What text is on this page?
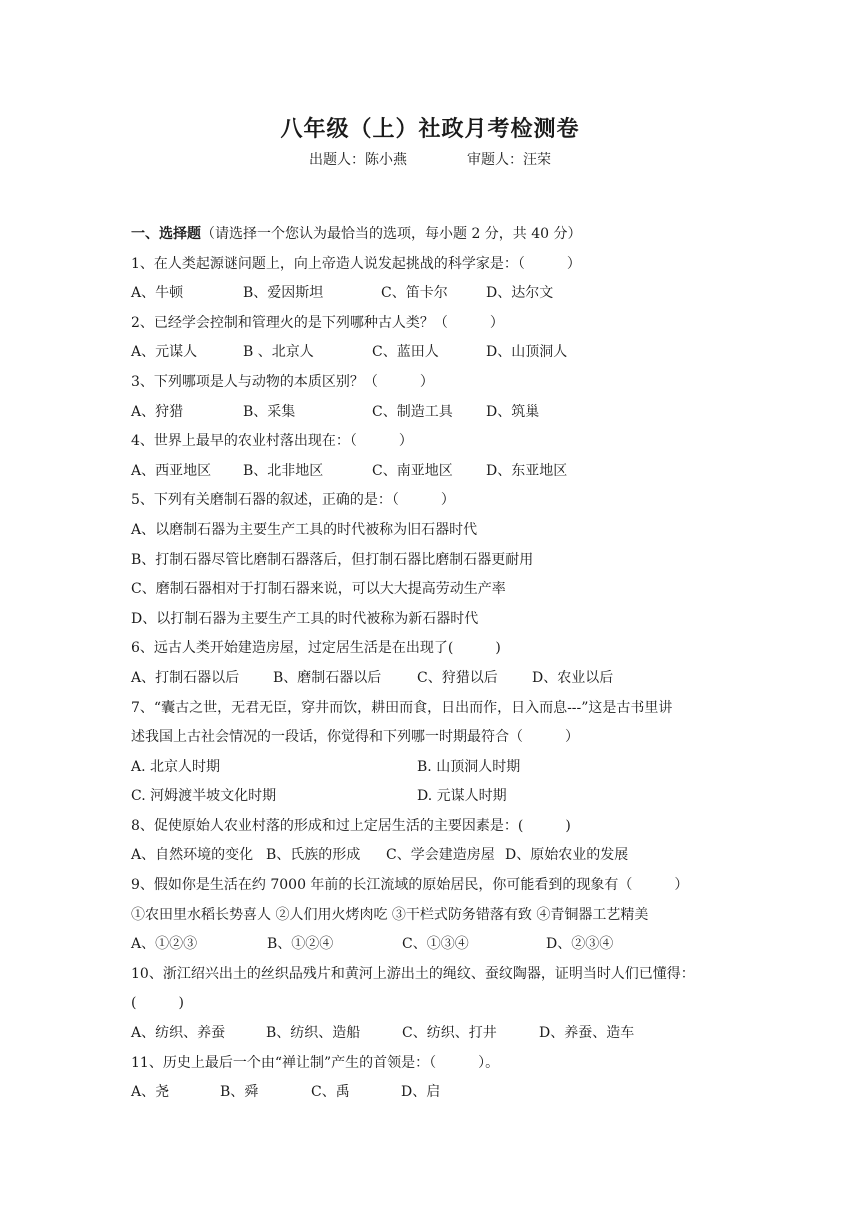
八年级（上）社政月考检测卷
出题人：陈小燕	审题人：汪荣
一、选择题（请选择一个您认为最恰当的选项，每小题 2 分，共 40 分）
1、在人类起源谜问题上，向上帝造人说发起挑战的科学家是：（　　　）
A、牛顿	B、爱因斯坦	C、笛卡尔	D、达尔文
2、已经学会控制和管理火的是下列哪种古人类？（　　　）
A、元谋人	B 、北京人	C、蓝田人	D、山顶洞人
3、下列哪项是人与动物的本质区别？（　　　）
A、狩猎	B、采集	C、制造工具 D、筑巢
4、世界上最早的农业村落出现在：（　　　）
A、西亚地区 B、北非地区	C、南亚地区 D、东亚地区
5、下列有关磨制石器的叙述，正确的是：（　　　）
A、以磨制石器为主要生产工具的时代被称为旧石器时代
B、打制石器尽管比磨制石器落后，但打制石器比磨制石器更耐用
C、磨制石器相对于打制石器来说，可以大大提高劳动生产率
D、以打制石器为主要生产工具的时代被称为新石器时代
6、远古人类开始建造房屋，过定居生活是在出现了(　　　)
A、打制石器以后 B、磨制石器以后	C、狩猎以后 D、农业以后
7、“囊古之世，无君无臣，穿井而饮，耕田而食，日出而作，日入而息---”这是古书里讲
述我国上古社会情况的一段话，你觉得和下列哪一时期最符合（　　　）
A. 北京人时期	B. 山顶洞人时期
C. 河姆渡半坡文化时期	D. 元谋人时期
8、促使原始人农业村落的形成和过上定居生活的主要因素是：(　　　)
A、自然环境的变化 B、氏族的形成 C、学会建造房屋 D、原始农业的发展
9、假如你是生活在约 7000 年前的长江流域的原始居民，你可能看到的现象有（　　　）
①农田里水稻长势喜人 ②人们用火烤肉吃 ③干栏式防务错落有致 ④青铜器工艺精美
A、①②③	B、①②④	C、①③④	D、②③④
10、浙江绍兴出土的丝织品残片和黄河上游出土的绳纹、蚕纹陶器，证明当时人们已懂得：
(　　　)
A、纺织、养蚕	B、纺织、造船	C、纺织、打井	D、养蚕、造车
11、历史上最后一个由“禅让制”产生的首领是：（　　　）。
A、尧	B、舜	C、禹	D、启
